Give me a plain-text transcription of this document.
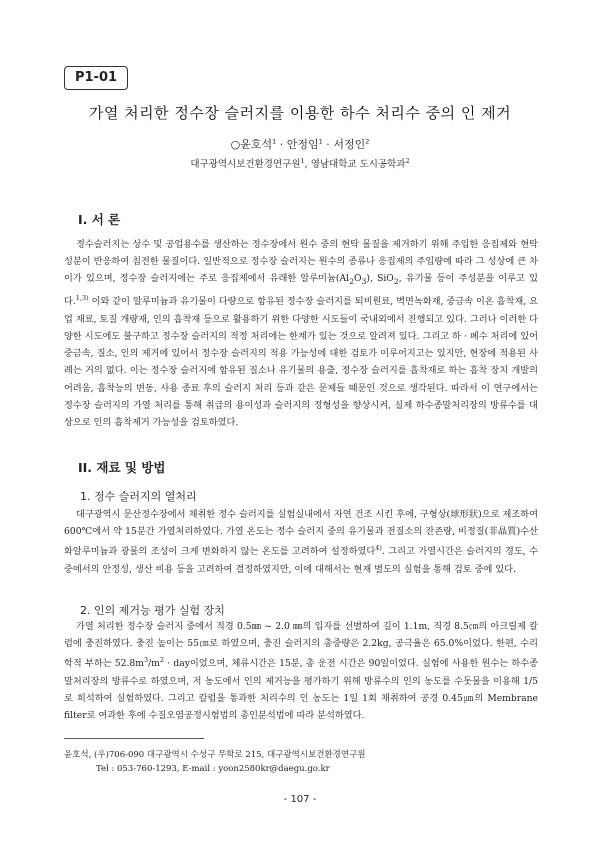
P1-01
가열 처리한 정수장 슬러지를 이용한 하수 처리수 중의 인 제거
○윤호석$^1$ · 안정임$^1$ · 서정인$^2$
대구광역시보건환경연구원$^1$, 영남대학교 도시공학과$^2$
I. 서 론

정수슬러지는 상수 및 공업용수를 생산하는 정수장에서 원수 중의 현탁 물질을 제거하기 위해 주입한 응집제와 현탁 성분이 반응하여 침전한 물질이다. 일반적으로 정수장 슬러지는 원수의 종류나 응집제의 주입량에 따라 그 성상에 큰 차이가 있으며, 정수장 슬러지에는 주로 응집제에서 유래한 알루미늄$(Al_2O_3)$, SiO$_2$, 유기물 등이 주성분을 이루고 있다.$^{1,3)}$ 이와 같이 알루미늄과 유기물이 다량으로 함유된 정수장 슬러지를 퇴비원료, 벽면녹화재, 중금속 이온 흡착재, 요업 재료, 토질 개량재, 인의 흡착재 등으로 활용하기 위한 다양한 시도들이 국내외에서 진행되고 있다. 그러나 이러한 다양한 시도에도 불구하고 정수장 슬러지의 적정 처리에는 한계가 있는 것으로 알려져 있다. 그리고 하 · 폐수 처리에 있어 중금속, 질소, 인의 제거에 있어서 정수장 슬러지의 적용 가능성에 대한 검토가 이루어지고는 있지만, 현장에 적용된 사례는 거의 없다. 이는 정수장 슬러지에 함유된 질소나 유기물의 용출, 정수장 슬러지를 흡착재로 하는 흡착 장치 개발의 어려움, 흡착능의 변동, 사용 종료 후의 슬러지 처리 등과 같은 문제들 때문인 것으로 생각된다. 따라서 이 연구에서는 정수장 슬러지의 가열 처리를 통해 취급의 용이성과 슬러지의 정형성을 향상시켜, 실제 하수종말처리장의 방류수를 대상으로 인의 흡착제거 가능성을 검토하였다.

II. 재료 및 방법
1. 정수 슬러지의 열처리

대구광역시 문산정수장에서 채취한 정수 슬러지를 실험실내에서 자연 건조 시킨 후에, 구형상(球形狀)으로 제조하여 600℃에서 약 15분간 가열처리하였다. 가열 온도는 정수 슬러지 중의 유기물과 전질소의 잔존량, 비정질(非晶質)수산화알루미늄과 광물의 조성이 크게 변화하지 않는 온도를 고려하여 설정하였다$^{4)}$. 그리고 가열시간은 슬러지의 경도, 수중에서의 안정성, 생산 비용 등을 고려하여 결정하였지만, 이에 대해서는 현재 별도의 실험을 통해 검토 중에 있다.

2. 인의 제거능 평가 실험 장치

가열 처리한 정수장 슬러지 중에서 직경 0.5㎜ ~ 2.0 ㎜의 입자를 선별하여 길이 1.1m, 직경 8.5㎝의 아크릴제 칼럼에 충진하였다. 충진 높이는 55㎝로 하였으며, 충진 슬러지의 총중량은 2.2kg, 공극율은 65.0%이었다. 한편, 수리학적 부하는 $52.8m^3/m^2$ · day이었으며, 체류시간은 15분, 총 운전 시간은 90일이었다. 실험에 사용한 원수는 하수종말처리장의 방류수로 하였으며, 저 농도에서 인의 제거능을 평가하기 위해 방류수의 인의 농도를 수돗물을 이용해 1/5로 희석하여 실험하였다. 그리고 칼럼을 통과한 처리수의 인 농도는 1일 1회 채취하여 공경 0.45㎛의 Membrane filter로 여과한 후에 수질오염공정시험법의 총인분석법에 따라 분석하였다.

윤호석, (우)706-090 대구광역시 수성구 무학로 215, 대구광역시보건환경연구원
Tel : 053-760-1293, E-mail : yoon2580kr@daegu.go.kr
- 107 -
